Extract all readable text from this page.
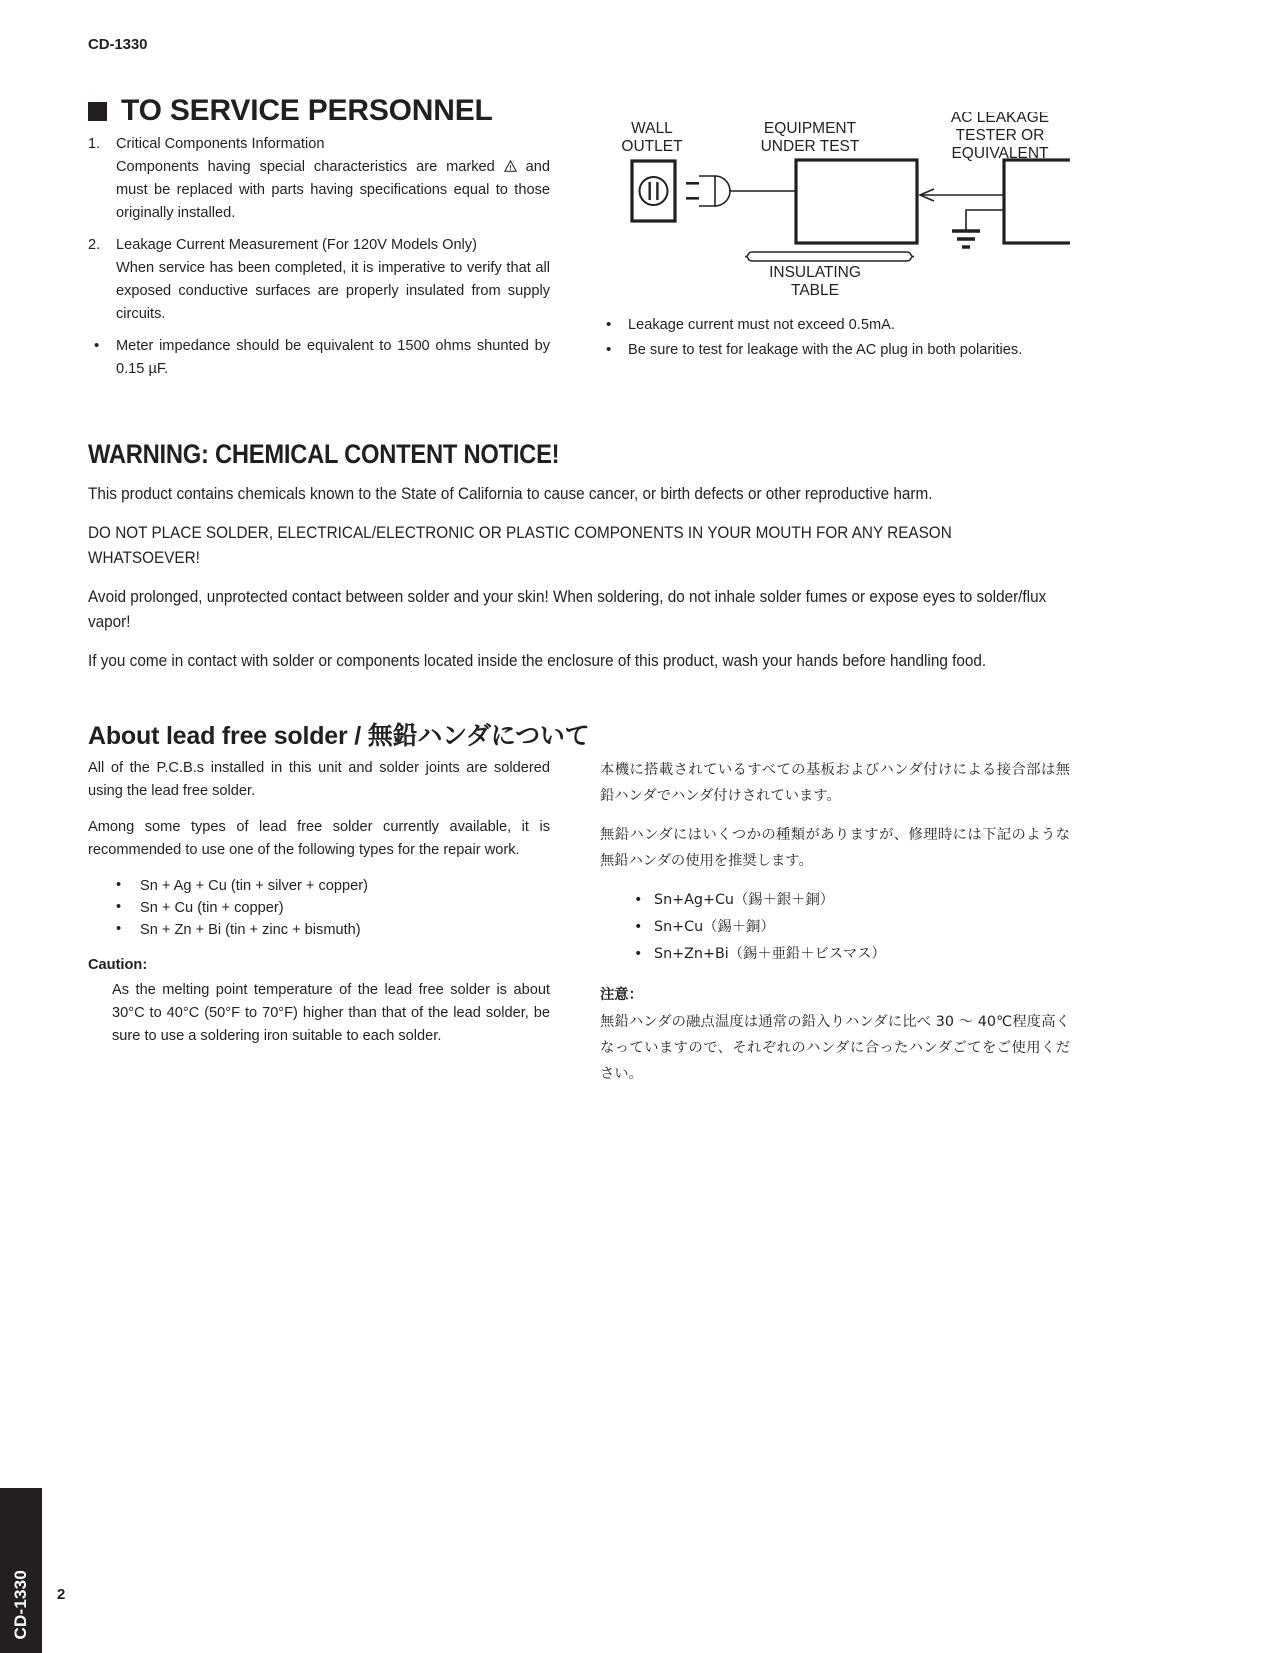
CD-1330
TO SERVICE PERSONNEL
1. Critical Components Information
Components having special characteristics are marked and must be replaced with parts having specifications equal to those originally installed.
2. Leakage Current Measurement (For 120V Models Only)
When service has been completed, it is imperative to verify that all exposed conductive surfaces are properly insulated from supply circuits.
• Meter impedance should be equivalent to 1500 ohms shunted by 0.15 µF.
• Leakage current must not exceed 0.5mA.
• Be sure to test for leakage with the AC plug in both polarities.
WALL
OUTLET
EQUIPMENT
UNDER TEST
AC LEAKAGE
TESTER OR
EQUIVALENT
INSULATING
TABLE
WARNING: CHEMICAL CONTENT NOTICE!

This product contains chemicals known to the State of California to cause cancer, or birth defects or other reproductive harm.

DO NOT PLACE SOLDER, ELECTRICAL/ELECTRONIC OR PLASTIC COMPONENTS IN YOUR MOUTH FOR ANY REASON WHATSOEVER!

Avoid prolonged, unprotected contact between solder and your skin! When soldering, do not inhale solder fumes or expose eyes to solder/flux vapor!

If you come in contact with solder or components located inside the enclosure of this product, wash your hands before handling food.

About lead free solder / 無鉛ハンダについて

All of the P.C.B.s installed in this unit and solder joints are soldered using the lead free solder.

Among some types of lead free solder currently available, it is recommended to use one of the following types for the repair work.

• Sn + Ag + Cu (tin + silver + copper)
• Sn + Cu (tin + copper)
• Sn + Zn + Bi (tin + zinc + bismuth)

Caution:

As the melting point temperature of the lead free solder is about 30°C to 40°C (50°F to 70°F) higher than that of the lead solder, be sure to use a soldering iron suitable to each solder.

本機に搭載されているすべての基板およびハンダ付けによる接合部は無鉛ハンダでハンダ付けされています。

無鉛ハンダにはいくつかの種類がありますが、修理時には下記のような無鉛ハンダの使用を推奨します。

• Sn+Ag+Cu（錫＋銀＋銅）
• Sn+Cu（錫＋銅）
• Sn+Zn+Bi（錫＋亜鉛＋ビスマス）

注意：

無鉛ハンダの融点温度は通常の鉛入りハンダに比べ 30 〜 40℃程度高くなっていますので、それぞれのハンダに合ったハンダごてをご使用ください。

CD-1330 2
